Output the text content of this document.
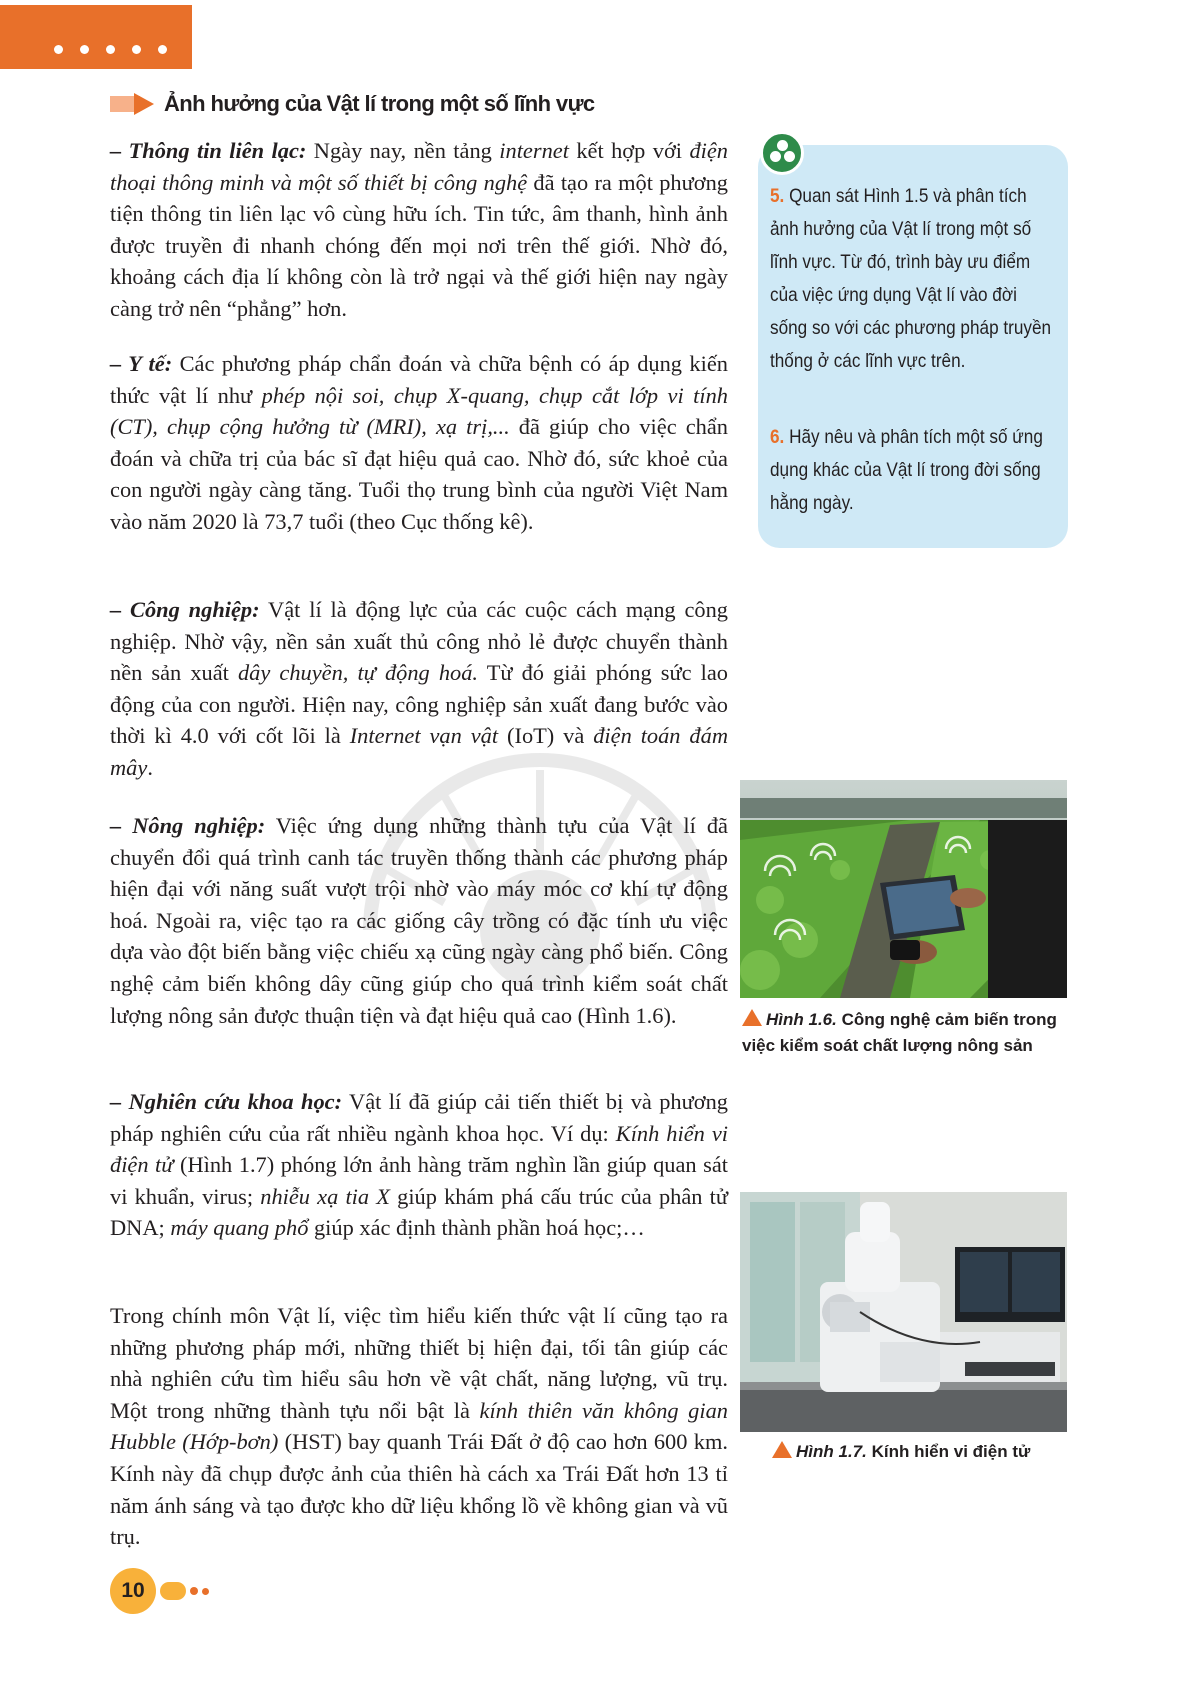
Ảnh hưởng của Vật lí trong một số lĩnh vực

– Thông tin liên lạc: Ngày nay, nền tảng internet kết hợp với điện thoại thông minh và một số thiết bị công nghệ đã tạo ra một phương tiện thông tin liên lạc vô cùng hữu ích. Tin tức, âm thanh, hình ảnh được truyền đi nhanh chóng đến mọi nơi trên thế giới. Nhờ đó, khoảng cách địa lí không còn là trở ngại và thế giới hiện nay ngày càng trở nên “phẳng” hơn.

– Y tế: Các phương pháp chẩn đoán và chữa bệnh có áp dụng kiến thức vật lí như phép nội soi, chụp X-quang, chụp cắt lớp vi tính (CT), chụp cộng hưởng từ (MRI), xạ trị,... đã giúp cho việc chẩn đoán và chữa trị của bác sĩ đạt hiệu quả cao. Nhờ đó, sức khoẻ của con người ngày càng tăng. Tuổi thọ trung bình của người Việt Nam vào năm 2020 là 73,7 tuổi (theo Cục thống kê).

– Công nghiệp: Vật lí là động lực của các cuộc cách mạng công nghiệp. Nhờ vậy, nền sản xuất thủ công nhỏ lẻ được chuyển thành nền sản xuất dây chuyền, tự động hoá. Từ đó giải phóng sức lao động của con người. Hiện nay, công nghiệp sản xuất đang bước vào thời kì 4.0 với cốt lõi là Internet vạn vật (IoT) và điện toán đám mây.

– Nông nghiệp: Việc ứng dụng những thành tựu của Vật lí đã chuyển đổi quá trình canh tác truyền thống thành các phương pháp hiện đại với năng suất vượt trội nhờ vào máy móc cơ khí tự động hoá. Ngoài ra, việc tạo ra các giống cây trồng có đặc tính ưu việc dựa vào đột biến bằng việc chiếu xạ cũng ngày càng phổ biến. Công nghệ cảm biến không dây cũng giúp cho quá trình kiểm soát chất lượng nông sản được thuận tiện và đạt hiệu quả cao (Hình 1.6).

– Nghiên cứu khoa học: Vật lí đã giúp cải tiến thiết bị và phương pháp nghiên cứu của rất nhiều ngành khoa học. Ví dụ: Kính hiển vi điện tử (Hình 1.7) phóng lớn ảnh hàng trăm nghìn lần giúp quan sát vi khuẩn, virus; nhiễu xạ tia X giúp khám phá cấu trúc của phân tử DNA; máy quang phổ giúp xác định thành phần hoá học;…

Trong chính môn Vật lí, việc tìm hiểu kiến thức vật lí cũng tạo ra những phương pháp mới, những thiết bị hiện đại, tối tân giúp các nhà nghiên cứu tìm hiểu sâu hơn về vật chất, năng lượng, vũ trụ. Một trong những thành tựu nổi bật là kính thiên văn không gian Hubble (Hớp-bơn) (HST) bay quanh Trái Đất ở độ cao hơn 600 km. Kính này đã chụp được ảnh của thiên hà cách xa Trái Đất hơn 13 tỉ năm ánh sáng và tạo được kho dữ liệu khổng lồ về không gian và vũ trụ.

5. Quan sát Hình 1.5 và phân tích ảnh hưởng của Vật lí trong một số lĩnh vực. Từ đó, trình bày ưu điểm của việc ứng dụng Vật lí vào đời sống so với các phương pháp truyền thống ở các lĩnh vực trên.
6. Hãy nêu và phân tích một số ứng dụng khác của Vật lí trong đời sống hằng ngày.
Hình 1.6. Công nghệ cảm biến trong việc kiểm soát chất lượng nông sản
Hình 1.7. Kính hiển vi điện tử
10
